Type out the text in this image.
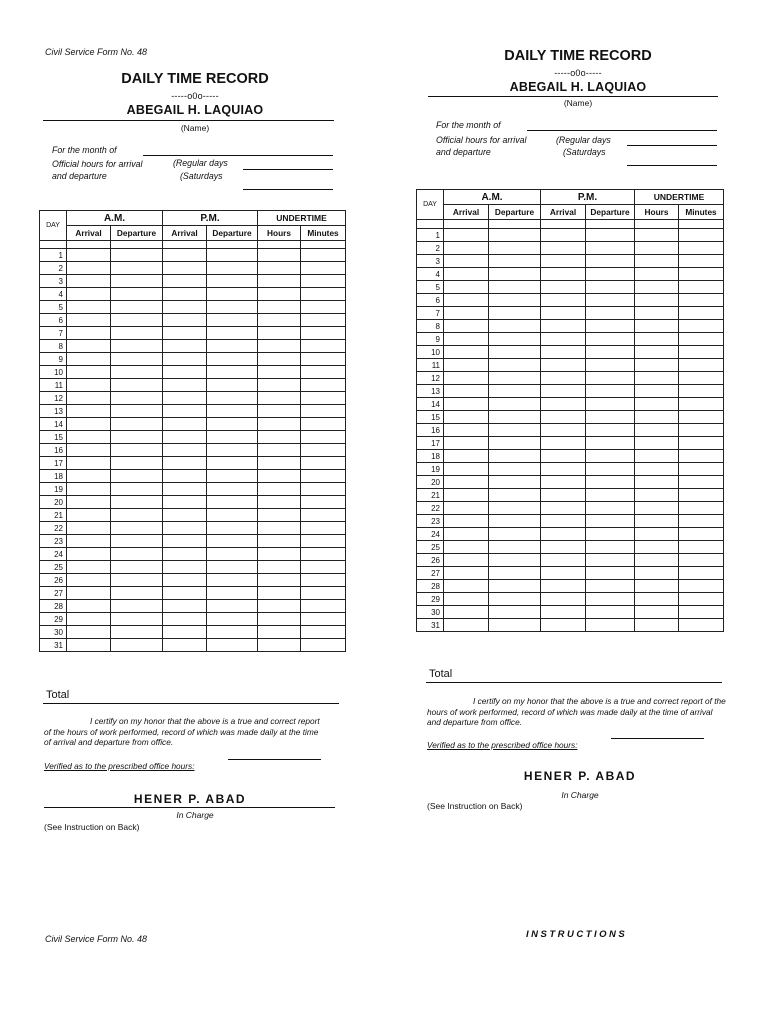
Civil Service Form No. 48
DAILY TIME RECORD
-----o0o-----
ABEGAIL H. LAQUIAO
(Name)
For the month of
Official hours for arrival
and departure
(Regular days
(Saturdays
DAY	A.M.		P.M.		UNDERTIME	
	Arrival	Departure	Arrival	Departure	Hours	Minutes

1						
2						
3						
4						
5						
6						
7						
8						
9						
10						
11						
12						
13						
14						
15						
16						
17						
18						
19						
20						
21						
22						
23						
24						
25						
26						
27						
28						
29						
30						
31						
Total
I certify on my honor that the above is a true and correct report
of the hours of work performed, record of which was made daily at the time
of arrival and departure from office.
Verified as to the prescribed office hours:
HENER P. ABAD
In Charge
(See Instruction on Back)
Civil Service Form No. 48
DAILY TIME RECORD
-----o0o-----
ABEGAIL H. LAQUIAO
(Name)
For the month of
Official hours for arrival
and departure
(Regular days
(Saturdays
DAY	A.M.		P.M.		UNDERTIME	
	Arrival	Departure	Arrival	Departure	Hours	Minutes

1						
2						
3						
4						
5						
6						
7						
8						
9						
10						
11						
12						
13						
14						
15						
16						
17						
18						
19						
20						
21						
22						
23						
24						
25						
26						
27						
28						
29						
30						
31						
Total
I certify on my honor that the above is a true and correct report of the hours of work performed, record of which was made daily at the time of arrival and departure from office.
Verified as to the prescribed office hours:
HENER P. ABAD
In Charge
(See Instruction on Back)
INSTRUCTIONS
